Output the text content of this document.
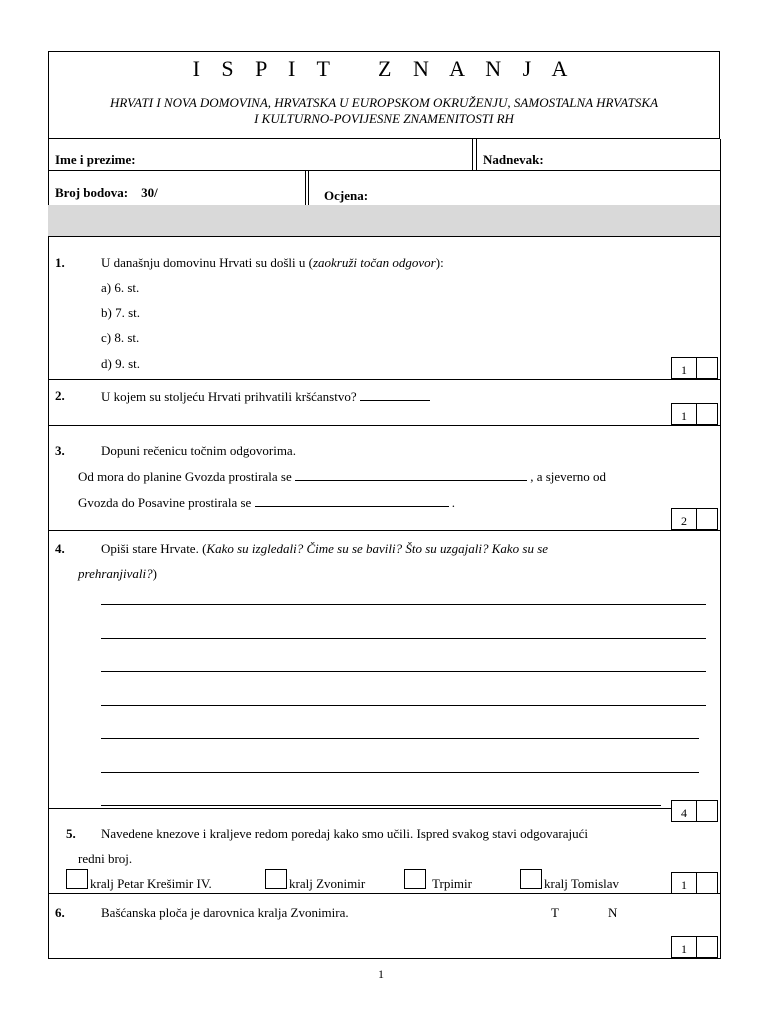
I S P I T   Z N A N J A
HRVATI I NOVA DOMOVINA, HRVATSKA U EUROPSKOM OKRUŽENJU, SAMOSTALNA HRVATSKA
I KULTURNO-POVIJESNE ZNAMENITOSTI RH
Ime i prezime:	Nadnevak:
Broj bodova: 30/	Ocjena:
1.	U današnju domovinu Hrvati su došli u (zaokruži točan odgovor):
a) 6. st.
b) 7. st.
c) 8. st.
d) 9. st.	1
2.	U kojem su stoljeću Hrvati prihvatili kršćanstvo?
1
3.	Dopuni rečenicu točnim odgovorima.
Od mora do planine Gvozda prostirala se	, a sjeverno od
Gvozda do Posavine prostirala se	.
2
4.	Opiši stare Hrvate. (Kako su izgledali? Čime su se bavili? Što su uzgajali? Kako su se
prehranjivali?)
4
5. Navedene knezove i kraljeve redom poredaj kako smo učili. Ispred svakog stavi odgovarajući
redni broj.
kralj Petar Krešimir IV.	kralj Zvonimir	Trpimir	kralj Tomislav	1
6.	Bašćanska ploča je darovnica kralja Zvonimira.	T	N
1
1
